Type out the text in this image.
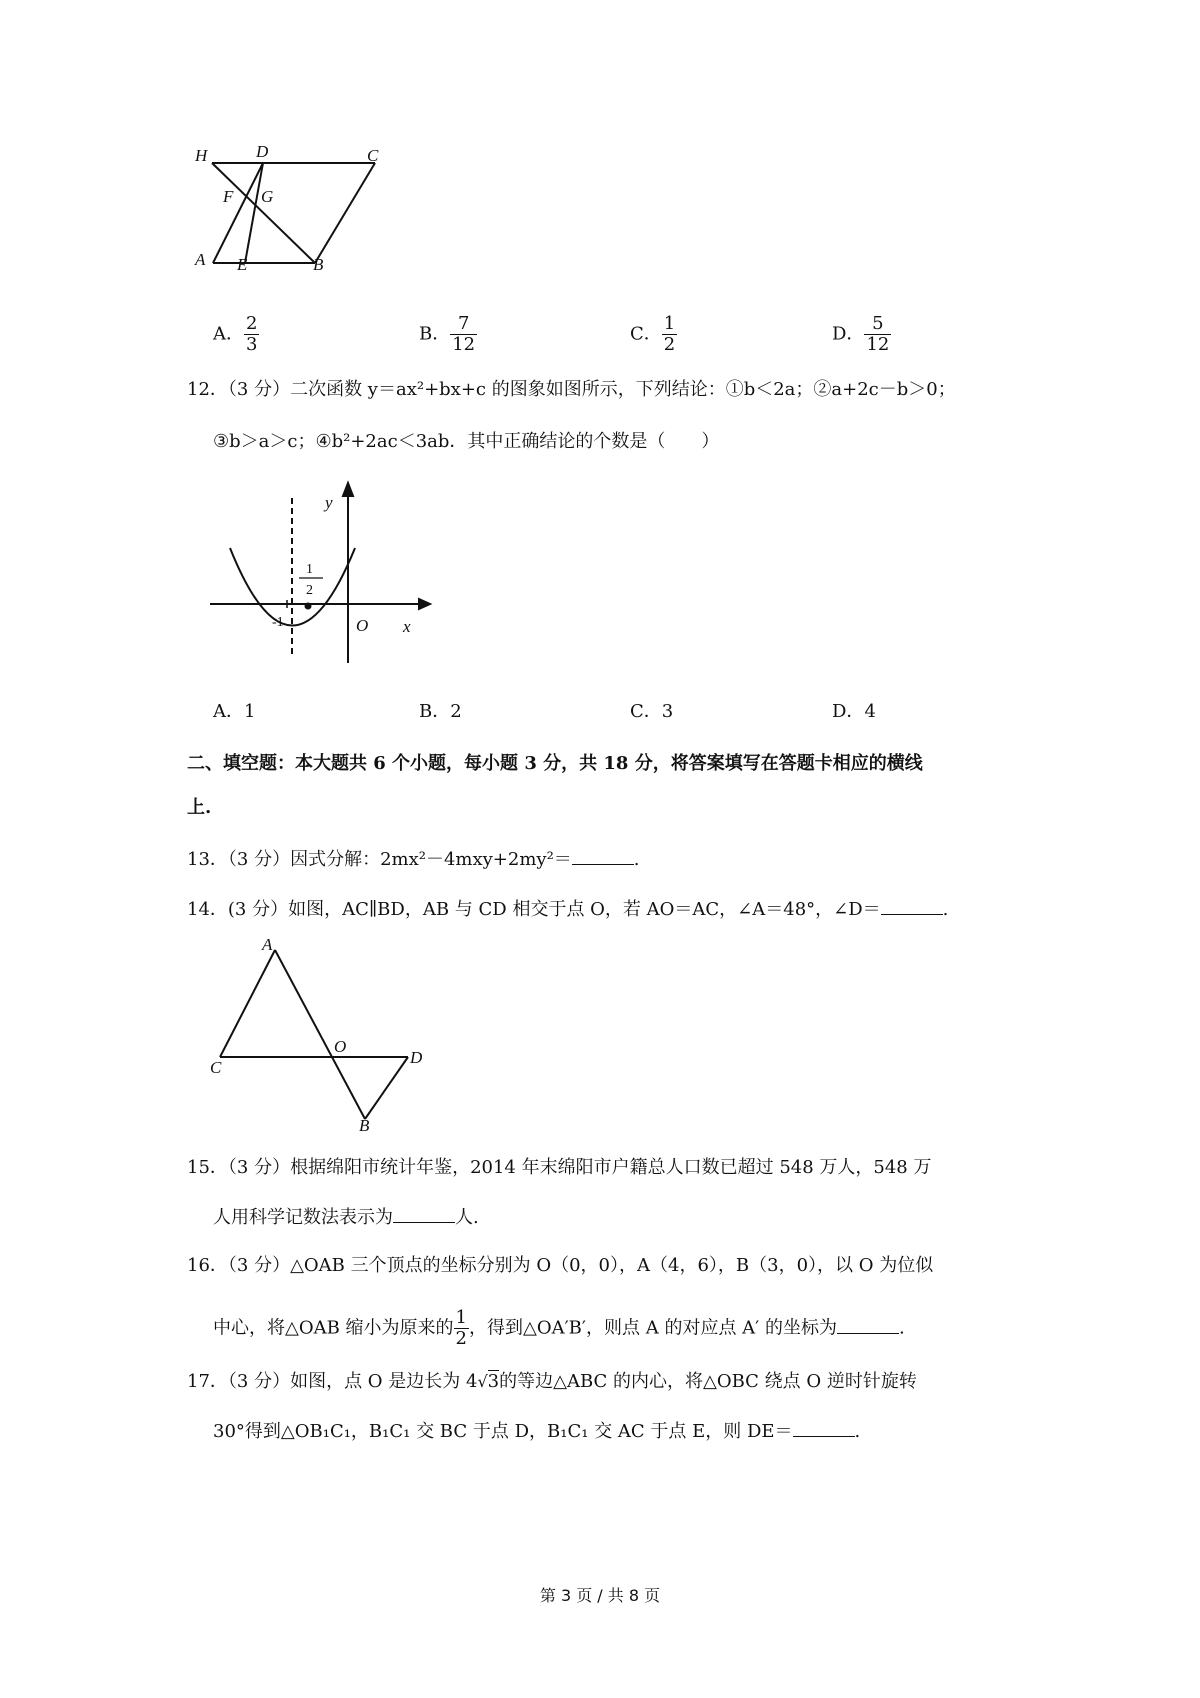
H	D	C
F G
A E	B
A． $\frac{2}{3}$	B． $\frac{7}{12}$	C． $\frac{1}{2}$	D． $\frac{5}{12}$
12．（3 分）二次函数 y＝ax²+bx+c 的图象如图所示，下列结论：①b＜2a；②a+2c－b＞0；
③b＞a＞c；④b²+2ac＜3ab．其中正确结论的个数是（　　）
1
2
y
x
O
-1
A．1	B．2	C．3	D．4
二、填空题：本大题共 6 个小题，每小题 3 分，共 18 分，将答案填写在答题卡相应的横线
上.
13．（3 分）因式分解：2mx²－4mxy+2my²＝	.
14．(3 分）如图，AC∥BD，AB 与 CD 相交于点 O，若 AO＝AC，∠A＝48°，∠D＝	.
A
O
C
D
B
15．（3 分）根据绵阳市统计年鉴，2014 年末绵阳市户籍总人口数已超过 548 万人，548 万
人用科学记数法表示为	人.
16．（3 分）△OAB 三个顶点的坐标分别为 O（0，0），A（4，6），B（3，0），以 O 为位似
中心，将△OAB 缩小为原来的 $\frac{1}{2}$ ，得到△OA′B′，则点 A 的对应点 A′ 的坐标为	.
17．（3 分）如图，点 O 是边长为 4√3的等边△ABC 的内心，将△OBC 绕点 O 逆时针旋转
30°得到△OB₁C₁，B₁C₁ 交 BC 于点 D，B₁C₁ 交 AC 于点 E，则 DE＝	.
第 3 页 / 共 8 页
